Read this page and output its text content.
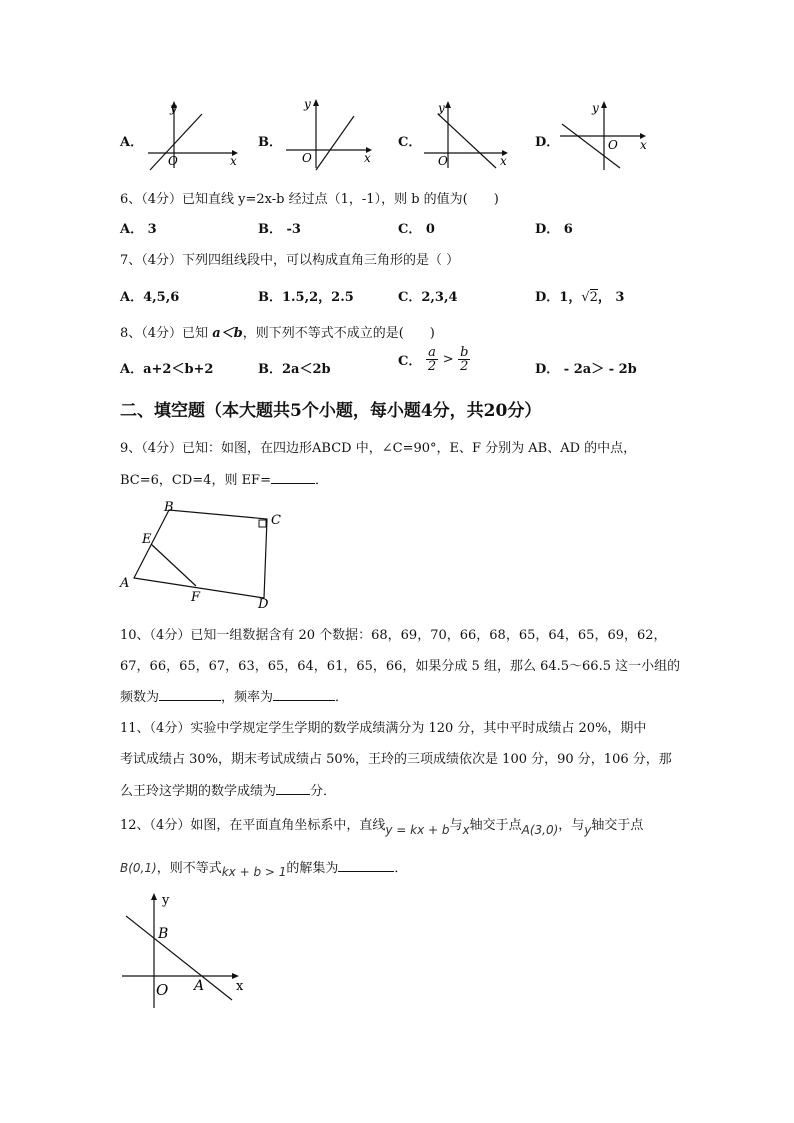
A．
y
x
O
B．
y
x
O
C．
y
x
O
D．
y
x
O
6、（4分）已知直线 y=2x-b 经过点（1，-1），则 b 的值为(　　)
A． 3	B． -3	C． 0	D． 6
7、（4分）下列四组线段中，可以构成直角三角形的是（ ）
A．4,5,6	B．1.5,2，2.5	C．2,3,4	D．1，√2， 3
8、（4分）已知 a＜b，则下列不等式不成立的是(　　)
A．a+2＜b+2	B．2a＜2b
C． $\frac{a}{2} > \frac{b}{2}$	D． - 2a＞ - 2b
二、填空题（本大题共5个小题，每小题4分，共20分）
9、（4分）已知：如图，在四边形ABCD 中，∠C=90°，E、F 分别为 AB、AD 的中点，
BC=6，CD=4，则 EF=	．
B
C
D
A
E
F
10、（4分）已知一组数据含有 20 个数据：68，69，70，66，68，65，64，65，69，62，
67，66，65，67，63，65，64，61，65，66，如果分成 5 组，那么 64.5～66.5 这一小组的
频数为	，频率为	．
11、（4分）实验中学规定学生学期的数学成绩满分为 120 分，其中平时成绩占 20%，期中
考试成绩占 30%，期末考试成绩占 50%，王玲的三项成绩依次是 100 分，90 分，106 分，那
么王玲这学期的数学成绩为	分．
12、（4分）如图，在平面直角坐标系中，直线y = kx + b与x轴交于点A(3,0)，与y轴交于点
B(0,1)，则不等式kx + b > 1的解集为	．
y
x
O A
B
